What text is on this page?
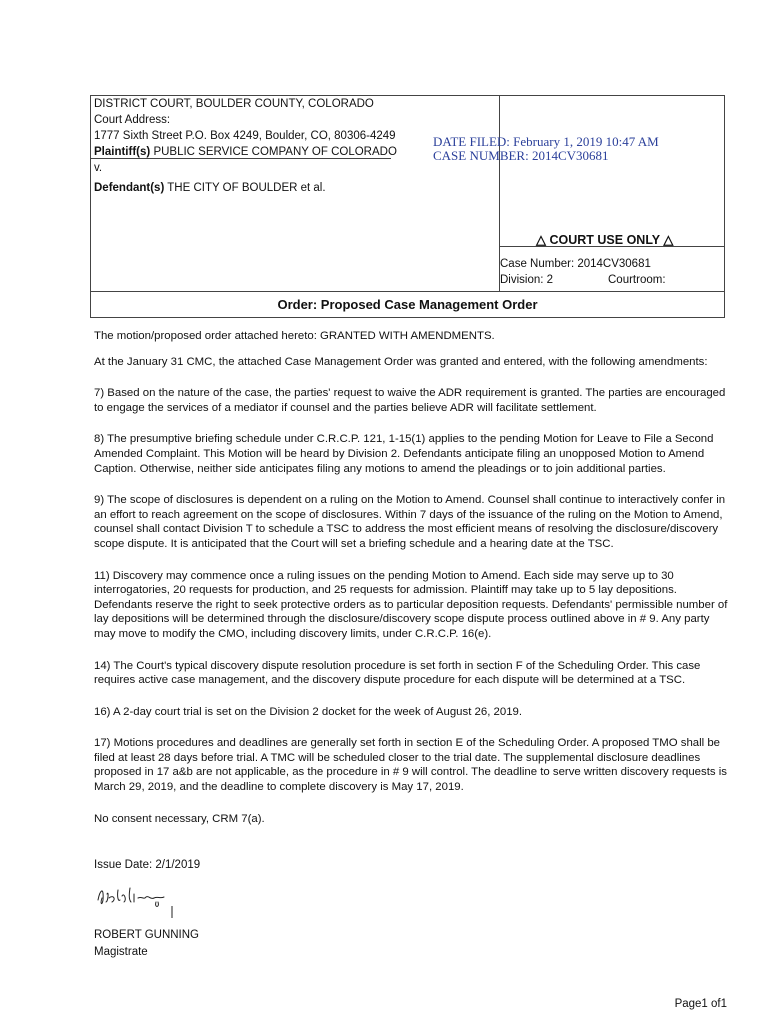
DISTRICT COURT, BOULDER COUNTY, COLORADO
Court Address:
1777 Sixth Street P.O. Box 4249, Boulder, CO, 80306-4249
Plaintiff(s) PUBLIC SERVICE COMPANY OF COLORADO
v.
Defendant(s) THE CITY OF BOULDER et al.
Order: Proposed Case Management Order
DATE FILED: February 1, 2019 10:47 AM
CASE NUMBER: 2014CV30681
△ COURT USE ONLY △
Case Number: 2014CV30681
Division: 2	Courtroom:

The motion/proposed order attached hereto: GRANTED WITH AMENDMENTS.

At the January 31 CMC, the attached Case Management Order was granted and entered, with the following amendments:

7) Based on the nature of the case, the parties' request to waive the ADR requirement is granted. The parties are encouraged to engage the services of a mediator if counsel and the parties believe ADR will facilitate settlement.

8) The presumptive briefing schedule under C.R.C.P. 121, 1-15(1) applies to the pending Motion for Leave to File a Second Amended Complaint. This Motion will be heard by Division 2. Defendants anticipate filing an unopposed Motion to Amend Caption. Otherwise, neither side anticipates filing any motions to amend the pleadings or to join additional parties.

9) The scope of disclosures is dependent on a ruling on the Motion to Amend. Counsel shall continue to interactively confer in an effort to reach agreement on the scope of disclosures. Within 7 days of the issuance of the ruling on the Motion to Amend, counsel shall contact Division T to schedule a TSC to address the most efficient means of resolving the disclosure/discovery scope dispute. It is anticipated that the Court will set a briefing schedule and a hearing date at the TSC.

11) Discovery may commence once a ruling issues on the pending Motion to Amend. Each side may serve up to 30 interrogatories, 20 requests for production, and 25 requests for admission. Plaintiff may take up to 5 lay depositions. Defendants reserve the right to seek protective orders as to particular deposition requests. Defendants' permissible number of lay depositions will be determined through the disclosure/discovery scope dispute process outlined above in # 9. Any party may move to modify the CMO, including discovery limits, under C.R.C.P. 16(e).

14) The Court's typical discovery dispute resolution procedure is set forth in section F of the Scheduling Order. This case requires active case management, and the discovery dispute procedure for each dispute will be determined at a TSC.

16) A 2-day court trial is set on the Division 2 docket for the week of August 26, 2019.

17) Motions procedures and deadlines are generally set forth in section E of the Scheduling Order. A proposed TMO shall be filed at least 28 days before trial. A TMC will be scheduled closer to the trial date. The supplemental disclosure deadlines proposed in 17 a&b are not applicable, as the procedure in # 9 will control. The deadline to serve written discovery requests is March 29, 2019, and the deadline to complete discovery is May 17, 2019.

No consent necessary, CRM 7(a).

Issue Date: 2/1/2019
ROBERT GUNNING
Magistrate
Page1 of1
